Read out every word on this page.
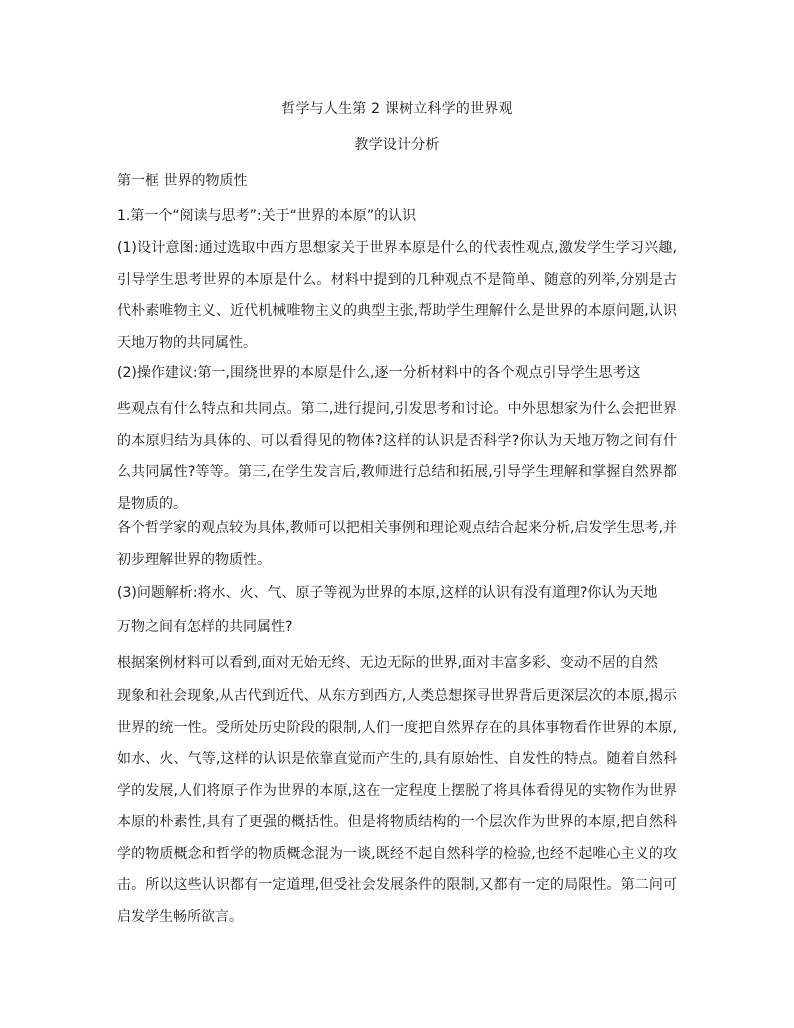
哲学与人生第 2 课树立科学的世界观
教学设计分析

第一框 世界的物质性

1.第一个“阅读与思考”:关于“世界的本原”的认识

(1)设计意图:通过选取中西方思想家关于世界本原是什么的代表性观点,激发学生学习兴趣,引导学生思考世界的本原是什么。材料中提到的几种观点不是简单、随意的列举,分别是古代朴素唯物主义、近代机械唯物主义的典型主张,帮助学生理解什么是世界的本原问题,认识天地万物的共同属性。

(2)操作建议:第一,围绕世界的本原是什么,逐一分析材料中的各个观点引导学生思考这

些观点有什么特点和共同点。第二,进行提问,引发思考和讨论。中外思想家为什么会把世界的本原归结为具体的、可以看得见的物体?这样的认识是否科学?你认为天地万物之间有什么共同属性?等等。第三,在学生发言后,教师进行总结和拓展,引导学生理解和掌握自然界都是物质的。

各个哲学家的观点较为具体,教师可以把相关事例和理论观点结合起来分析,启发学生思考,并初步理解世界的物质性。

(3)问题解析:将水、火、气、原子等视为世界的本原,这样的认识有没有道理?你认为天地

万物之间有怎样的共同属性?

根据案例材料可以看到,面对无始无终、无边无际的世界,面对丰富多彩、变动不居的自然

现象和社会现象,从古代到近代、从东方到西方,人类总想探寻世界背后更深层次的本原,揭示世界的统一性。受所处历史阶段的限制,人们一度把自然界存在的具体事物看作世界的本原,如水、火、气等,这样的认识是依靠直觉而产生的,具有原始性、自发性的特点。随着自然科学的发展,人们将原子作为世界的本原,这在一定程度上摆脱了将具体看得见的实物作为世界本原的朴素性,具有了更强的概括性。但是将物质结构的一个层次作为世界的本原,把自然科学的物质概念和哲学的物质概念混为一谈,既经不起自然科学的检验,也经不起唯心主义的攻击。所以这些认识都有一定道理,但受社会发展条件的限制,又都有一定的局限性。第二问可启发学生畅所欲言。
